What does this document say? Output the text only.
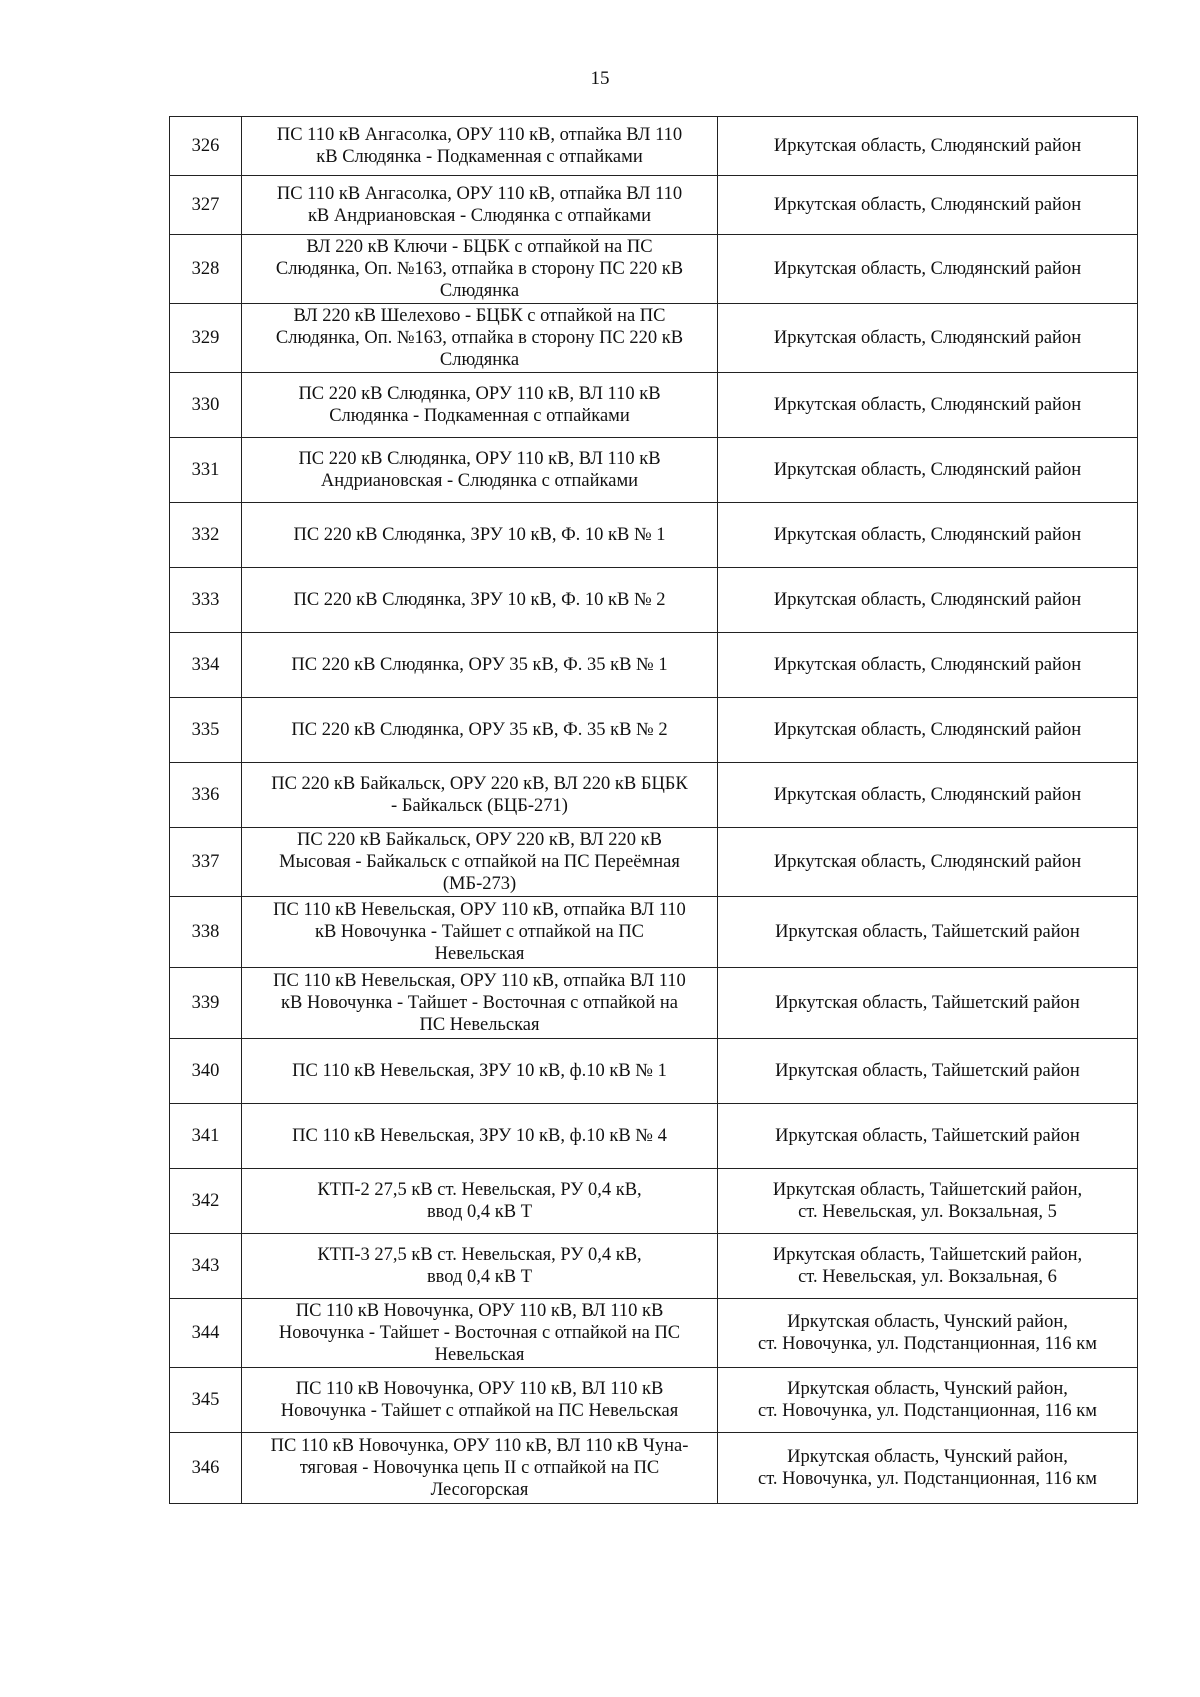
15
326	ПС 110 кВ Ангасолка, ОРУ 110 кВ, отпайка ВЛ 110
кВ Слюдянка - Подкаменная с отпайками	Иркутская область, Слюдянский район
327	ПС 110 кВ Ангасолка, ОРУ 110 кВ, отпайка ВЛ 110
кВ Андриановская - Слюдянка с отпайками	Иркутская область, Слюдянский район
328	ВЛ 220 кВ Ключи - БЦБК с отпайкой на ПС
Слюдянка, Оп. №163, отпайка в сторону ПС 220 кВ
Слюдянка	Иркутская область, Слюдянский район
329	ВЛ 220 кВ Шелехово - БЦБК с отпайкой на ПС
Слюдянка, Оп. №163, отпайка в сторону ПС 220 кВ
Слюдянка	Иркутская область, Слюдянский район
330	ПС 220 кВ Слюдянка, ОРУ 110 кВ, ВЛ 110 кВ
Слюдянка - Подкаменная с отпайками	Иркутская область, Слюдянский район
331	ПС 220 кВ Слюдянка, ОРУ 110 кВ, ВЛ 110 кВ
Андриановская - Слюдянка с отпайками	Иркутская область, Слюдянский район
332	ПС 220 кВ Слюдянка, ЗРУ 10 кВ, Ф. 10 кВ № 1	Иркутская область, Слюдянский район
333	ПС 220 кВ Слюдянка, ЗРУ 10 кВ, Ф. 10 кВ № 2	Иркутская область, Слюдянский район
334	ПС 220 кВ Слюдянка, ОРУ 35 кВ, Ф. 35 кВ № 1	Иркутская область, Слюдянский район
335	ПС 220 кВ Слюдянка, ОРУ 35 кВ, Ф. 35 кВ № 2	Иркутская область, Слюдянский район
336	ПС 220 кВ Байкальск, ОРУ 220 кВ, ВЛ 220 кВ БЦБК
- Байкальск (БЦБ-271)	Иркутская область, Слюдянский район
337	ПС 220 кВ Байкальск, ОРУ 220 кВ, ВЛ 220 кВ
Мысовая - Байкальск с отпайкой на ПС Переёмная
(МБ-273)	Иркутская область, Слюдянский район
338	ПС 110 кВ Невельская, ОРУ 110 кВ, отпайка ВЛ 110
кВ Новочунка - Тайшет с отпайкой на ПС
Невельская	Иркутская область, Тайшетский район
339	ПС 110 кВ Невельская, ОРУ 110 кВ, отпайка ВЛ 110
кВ Новочунка - Тайшет - Восточная с отпайкой на
ПС Невельская	Иркутская область, Тайшетский район
340	ПС 110 кВ Невельская, ЗРУ 10 кВ, ф.10 кВ № 1	Иркутская область, Тайшетский район
341	ПС 110 кВ Невельская, ЗРУ 10 кВ, ф.10 кВ № 4	Иркутская область, Тайшетский район
342	КТП-2 27,5 кВ ст. Невельская, РУ 0,4 кВ,
ввод 0,4 кВ Т	Иркутская область, Тайшетский район,
ст. Невельская, ул. Вокзальная, 5
343	КТП-3 27,5 кВ ст. Невельская, РУ 0,4 кВ,
ввод 0,4 кВ Т	Иркутская область, Тайшетский район,
ст. Невельская, ул. Вокзальная, 6
344	ПС 110 кВ Новочунка, ОРУ 110 кВ, ВЛ 110 кВ
Новочунка - Тайшет - Восточная с отпайкой на ПС
Невельская	Иркутская область, Чунский район,
ст. Новочунка, ул. Подстанционная, 116 км
345	ПС 110 кВ Новочунка, ОРУ 110 кВ, ВЛ 110 кВ
Новочунка - Тайшет с отпайкой на ПС Невельская	Иркутская область, Чунский район,
ст. Новочунка, ул. Подстанционная, 116 км
346	ПС 110 кВ Новочунка, ОРУ 110 кВ, ВЛ 110 кВ Чуна-
тяговая - Новочунка цепь II с отпайкой на ПС
Лесогорская	Иркутская область, Чунский район,
ст. Новочунка, ул. Подстанционная, 116 км
